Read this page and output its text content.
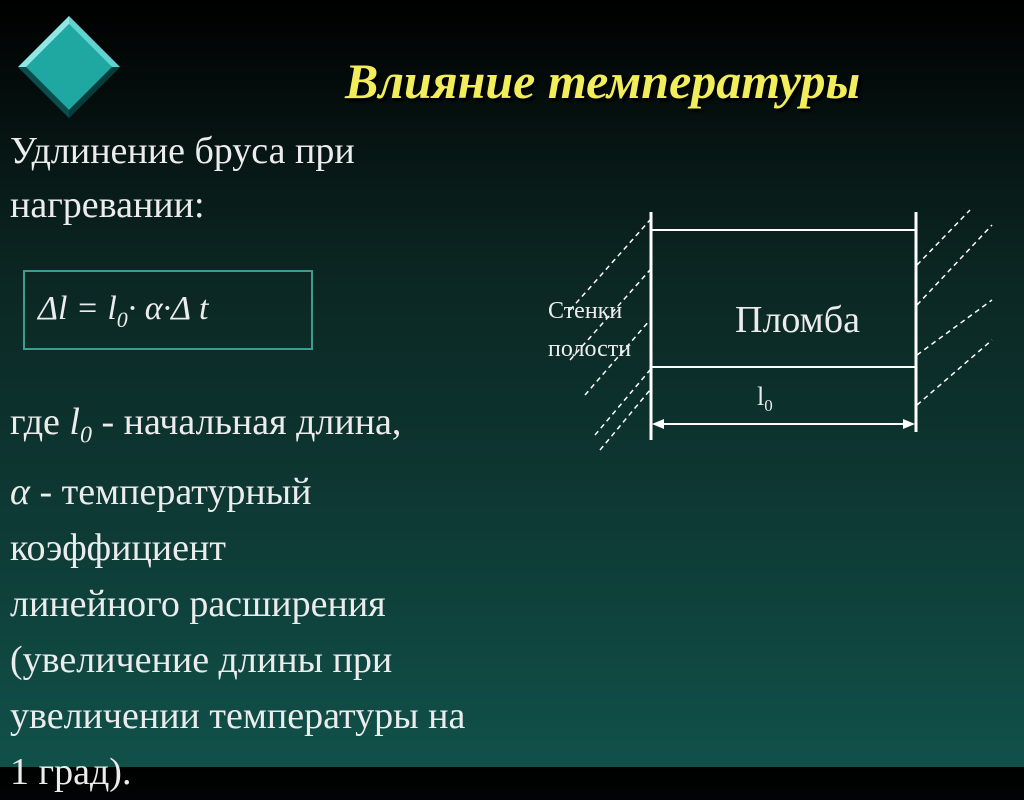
Влияние температуры
Удлинение бруса при
нагревании:
$\Delta l = l_0\cdot \alpha\cdot\Delta$ t
где $l_0$ - начальная длина,
α - температурный
коэффициент
линейного расширения
(увеличение длины при
увеличении температуры на
1 град).
Стенки
полости
Пломба
$l_0$
